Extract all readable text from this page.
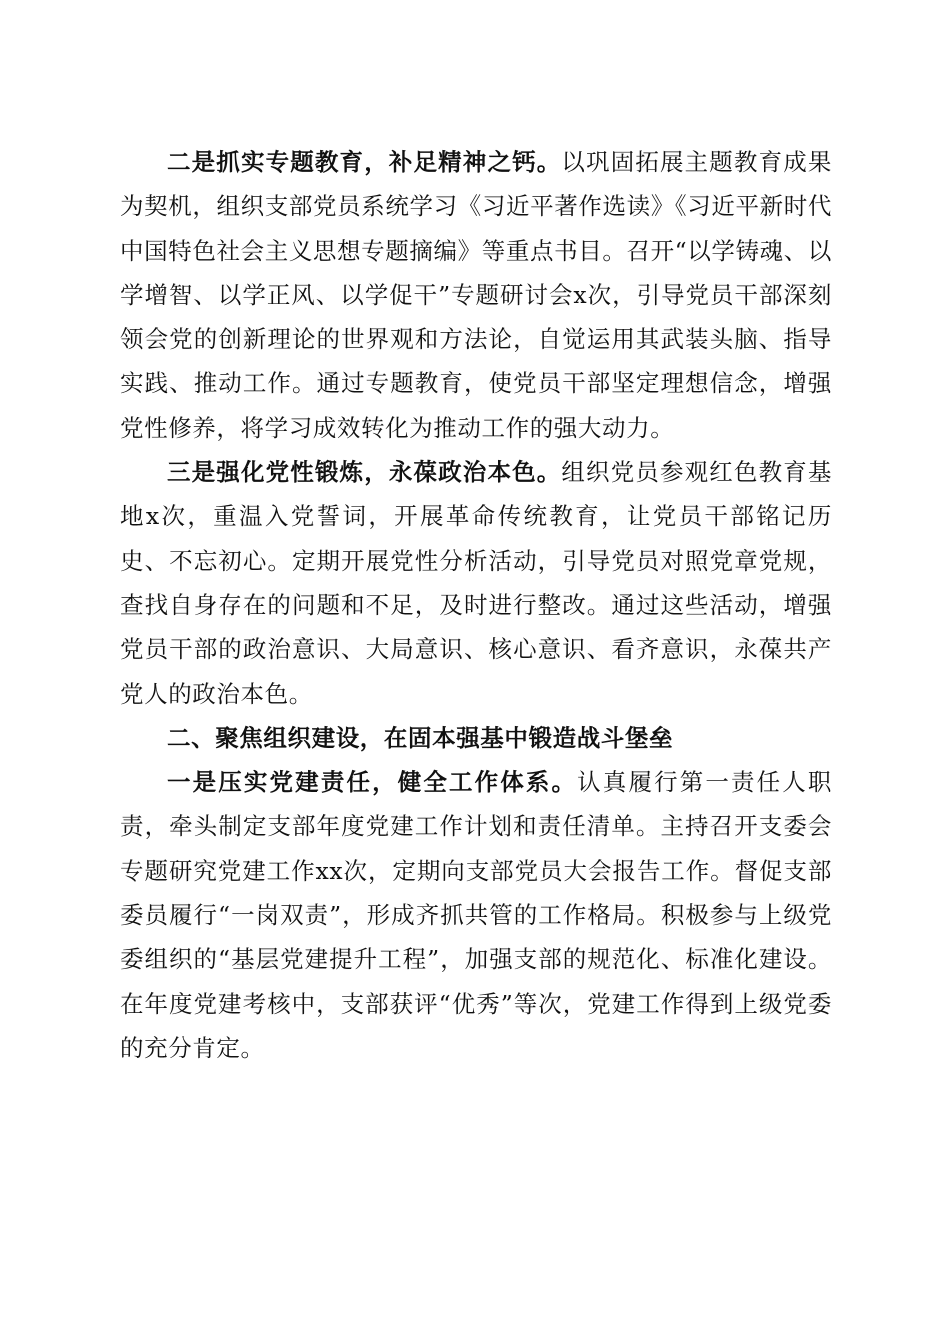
二是抓实专题教育，补足精神之钙。以巩固拓展主题教育成果为契机，组织支部党员系统学习《习近平著作选读》《习近平新时代中国特色社会主义思想专题摘编》等重点书目。召开“以学铸魂、以学增智、以学正风、以学促干”专题研讨会x次，引导党员干部深刻领会党的创新理论的世界观和方法论，自觉运用其武装头脑、指导实践、推动工作。通过专题教育，使党员干部坚定理想信念，增强党性修养，将学习成效转化为推动工作的强大动力。

三是强化党性锻炼，永葆政治本色。组织党员参观红色教育基地x次，重温入党誓词，开展革命传统教育，让党员干部铭记历史、不忘初心。定期开展党性分析活动，引导党员对照党章党规，查找自身存在的问题和不足，及时进行整改。通过这些活动，增强党员干部的政治意识、大局意识、核心意识、看齐意识，永葆共产党人的政治本色。

二、聚焦组织建设，在固本强基中锻造战斗堡垒

一是压实党建责任，健全工作体系。认真履行第一责任人职责，牵头制定支部年度党建工作计划和责任清单。主持召开支委会专题研究党建工作xx次，定期向支部党员大会报告工作。督促支部委员履行“一岗双责”，形成齐抓共管的工作格局。积极参与上级党委组织的“基层党建提升工程”，加强支部的规范化、标准化建设。在年度党建考核中，支部获评“优秀”等次，党建工作得到上级党委的充分肯定。
